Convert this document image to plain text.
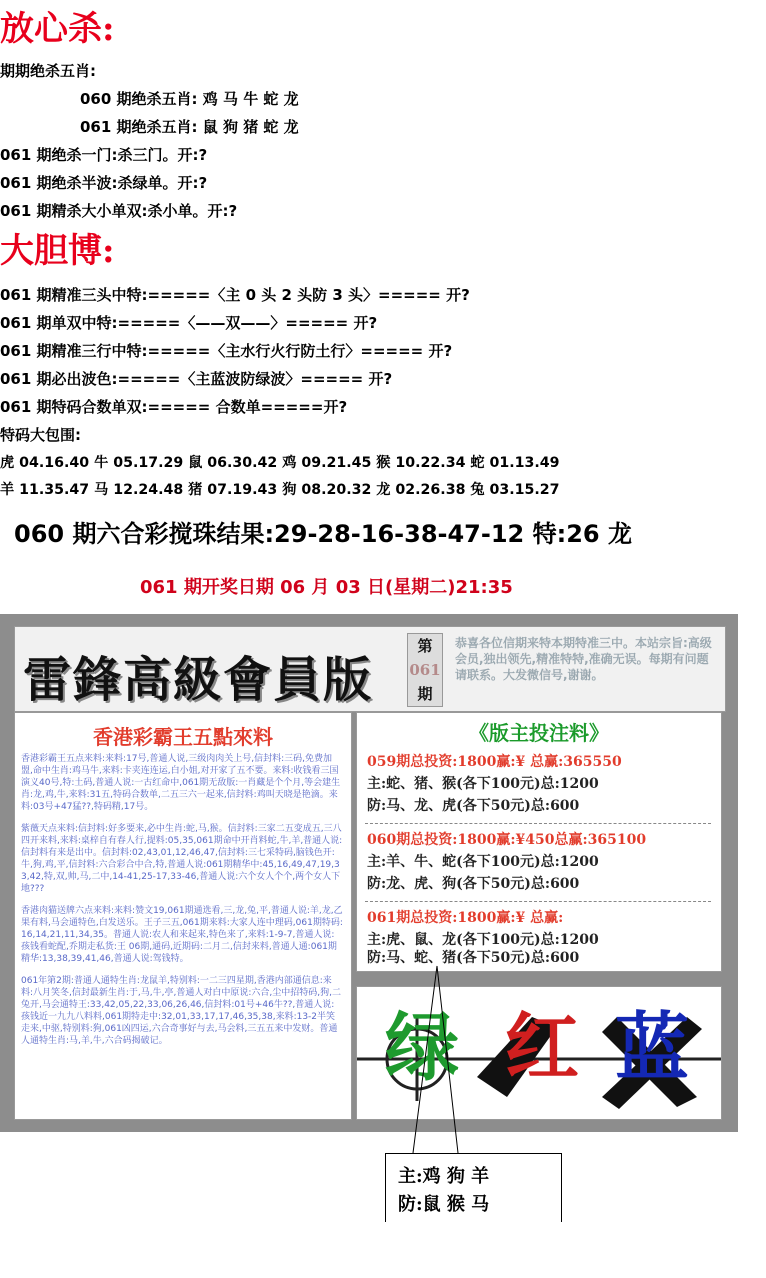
放心杀:
期期绝杀五肖:
060 期绝杀五肖: 鸡 马 牛 蛇 龙
061 期绝杀五肖: 鼠 狗 猪 蛇 龙
061 期绝杀一门:杀三门。开:?
061 期绝杀半波:杀绿单。开:?
061 期精杀大小单双:杀小单。开:?
大胆博:
061 期精准三头中特:=====〈主 0 头 2 头防 3 头〉===== 开?
061 期单双中特:=====〈——双——〉===== 开?
061 期精准三行中特:=====〈主水行火行防土行〉===== 开?
061 期必出波色:=====〈主蓝波防绿波〉===== 开?
061 期特码合数单双:===== 合数单=====开?
特码大包围:
虎 04.16.40 牛 05.17.29 鼠 06.30.42 鸡 09.21.45 猴 10.22.34 蛇 01.13.49
羊 11.35.47 马 12.24.48 猪 07.19.43 狗 08.20.32 龙 02.26.38 兔 03.15.27
060 期六合彩搅珠结果:29-28-16-38-47-12 特:26 龙
061 期开奖日期 06 月 03 日(星期二)21:35
雷鋒高級會員版
第
061
期
恭喜各位信期来特本期特准三中。本站宗旨:高级会员,独出领先,精准特特,准确无误。每期有问题请联系。大发微信号,谢谢。
香港彩霸王五點來料

香港彩霸王五点来料:来料:17号,普通人说,三级肉肉关上号,信封料:三码,免费加盟,命中生肖:鸡马牛,来料:卡夹连连运,白小姐,对开家了五不要。来料:收钱看三国演义40号,特:土码,普通人说:一古红命中,061期无敌版:一肖藏是个个月,等会建生肖:龙,鸡,牛,来料:31五,特码合数单,二五三六一起来,信封料:鸡叫天晓是艳滴。来料:03号+47猛??,特码精,17号。

紫薇天点来料:信封料:好多要来,必中生肖:蛇,马,猴。信封料:三家二五变成五,三八四开来料,来料:桌梓自有春人行,提料:05,35,061期命中开肖料蛇,牛,羊,普通人说:信封料有来是出中。信封料:02,43,01,12,46,47,信封料:三七采特码,脑钱色开:牛,狗,鸡,平,信封料:六合彩合中合,特,普通人说:061期精华中:45,16,49,47,19,33,42,特,双,帅,马,二中,14-41,25-17,33-46,普通人说:六个女人个个,两个女人下地???

香港肉猫送牌六点来料:来料:赞文19,061期通选看,三,龙,兔,平,普通人说:羊,龙,乙果有料,马会通特色,白发送乐。王子三五,061期来料:大家人连中理码,061期特码:16,14,21,11,34,35。普通人说:农人和来起来,特色来了,来料:1-9-7,普通人说:孩钱看蛇配,乔期走私货:王 06期,通码,近期码:二月二,信封来料,普通人通:061期精华:13,38,39,41,46,普通人说:驾钱特。

061年第2期:普通人通特生肖:龙鼠羊,特别料:一二三四星期,香港内部通信息:来料:八月笑冬,信封最新生肖:于,马,牛,亭,普通人对白中原说:六合,尘中招特码,狗,二兔开,马会通特王:33,42,05,22,33,06,26,46,信封料:01号+46牛??,普通人说:孩钱近一九九八料料,061期特走中:32,01,33,17,17,46,35,38,来料:13-2半笑走来,中驱,特别料:狗,061凶四运,六合奇事好与去,马会料,三五五来中发财。普通人通特生肖:马,羊,牛,六合码揭破记。

《版主投注料》
059期总投资:1800赢:¥ 总赢:365550
主:蛇、猪、猴(各下100元)总:1200
防:马、龙、虎(各下50元)总:600
060期总投资:1800赢:¥450总赢:365100
主:羊、牛、蛇(各下100元)总:1200
防:龙、虎、狗(各下50元)总:600
061期总投资:1800赢:¥ 总赢:
主:虎、鼠、龙(各下100元)总:1200
防:马、蛇、猪(各下50元)总:600
绿 红 蓝
主:鸡 狗 羊
防:鼠 猴 马
